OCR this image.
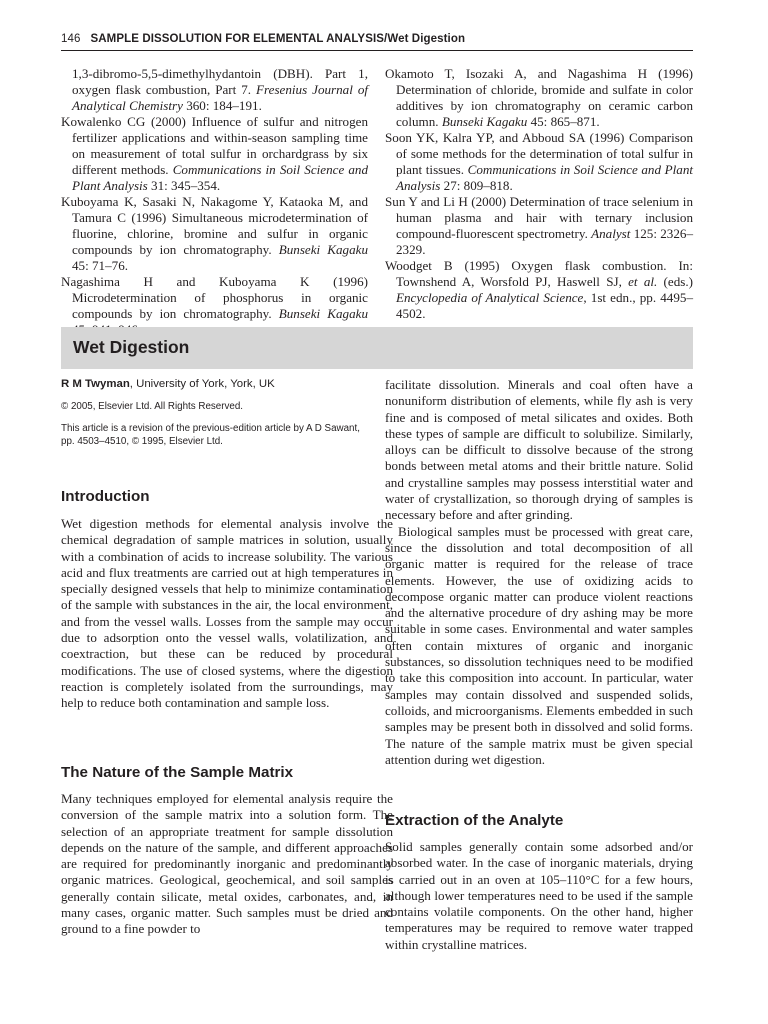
146 SAMPLE DISSOLUTION FOR ELEMENTAL ANALYSIS/Wet Digestion

1,3-dibromo-5,5-dimethylhydantoin (DBH). Part 1, oxygen flask combustion, Part 7. Fresenius Journal of Analytical Chemistry 360: 184–191.

Kowalenko CG (2000) Influence of sulfur and nitrogen fertilizer applications and within-season sampling time on measurement of total sulfur in orchardgrass by six different methods. Communications in Soil Science and Plant Analysis 31: 345–354.

Kuboyama K, Sasaki N, Nakagome Y, Kataoka M, and Tamura C (1996) Simultaneous microdetermination of fluorine, chlorine, bromine and sulfur in organic compounds by ion chromatography. Bunseki Kagaku 45: 71–76.

Nagashima H and Kuboyama K (1996) Microdetermination of phosphorus in organic compounds by ion chromatography. Bunseki Kagaku

Okamoto T, Isozaki A, and Nagashima H (1996) Determination of chloride, bromide and sulfate in color additives by ion chromatography on ceramic carbon column. Bunseki Kagaku 45: 865–871.

Soon YK, Kalra YP, and Abboud SA (1996) Comparison of some methods for the determination of total sulfur in plant tissues. Communications in Soil Science and Plant Analysis 27: 809–818.

Sun Y and Li H (2000) Determination of trace selenium in human plasma and hair with ternary inclusion compound-fluorescent spectrometry. Analyst 125: 2326–2329.

Woodget B (1995) Oxygen flask combustion. In: Townshend A, Worsfold PJ, Haswell SJ, et al. (eds.) Encyclopedia of Analytical Science, 1st edn., pp. 4495–4502.

Wet Digestion
R M Twyman, University of York, York, UK
© 2005, Elsevier Ltd. All Rights Reserved.
This article is a revision of the previous-edition article by A D Sawant, pp. 4503–4510, © 1995, Elsevier Ltd.
Introduction

Wet digestion methods for elemental analysis involve the chemical degradation of sample matrices in solution, usually with a combination of acids to increase solubility. The various acid and flux treatments are carried out at high temperatures in specially designed vessels that help to minimize contamination of the sample with substances in the air, the local environment, and from the vessel walls. Losses from the sample may occur due to adsorption onto the vessel walls, volatilization, and coextraction, but these can be reduced by procedural modifications. The use of closed systems, where the digestion reaction is completely isolated from the surroundings, may help to reduce both contamination and sample loss.

The Nature of the Sample Matrix

Many techniques employed for elemental analysis require the conversion of the sample matrix into a solution form. The selection of an appropriate treatment for sample dissolution depends on the nature of the sample, and different approaches are required for predominantly inorganic and predominantly organic matrices. Geological, geochemical, and soil samples generally contain silicate, metal oxides, carbonates, and, in many cases, organic matter. Such samples must be dried and ground to a fine powder to

facilitate dissolution. Minerals and coal often have a nonuniform distribution of elements, while fly ash is very fine and is composed of metal silicates and oxides. Both these types of sample are difficult to solubilize. Similarly, alloys can be difficult to dissolve because of the strong bonds between metal atoms and their brittle nature. Solid and crystalline samples may possess interstitial water and water of crystallization, so thorough drying of samples is necessary before and after grinding.

Biological samples must be processed with great care, since the dissolution and total decomposition of all organic matter is required for the release of trace elements. However, the use of oxidizing acids to decompose organic matter can produce violent reactions and the alternative procedure of dry ashing may be more suitable in some cases. Environmental and water samples often contain mixtures of organic and inorganic substances, so dissolution techniques need to be modified to take this composition into account. In particular, water samples may contain dissolved and suspended solids, colloids, and microorganisms. Elements embedded in such samples may be present both in dissolved and solid forms. The nature of the sample matrix must be given special attention during wet digestion.

Extraction of the Analyte

Solid samples generally contain some adsorbed and/or absorbed water. In the case of inorganic materials, drying is carried out in an oven at 105–110°C for a few hours, although lower temperatures need to be used if the sample contains volatile components. On the other hand, higher temperatures may be required to remove water trapped within crystalline matrices.
